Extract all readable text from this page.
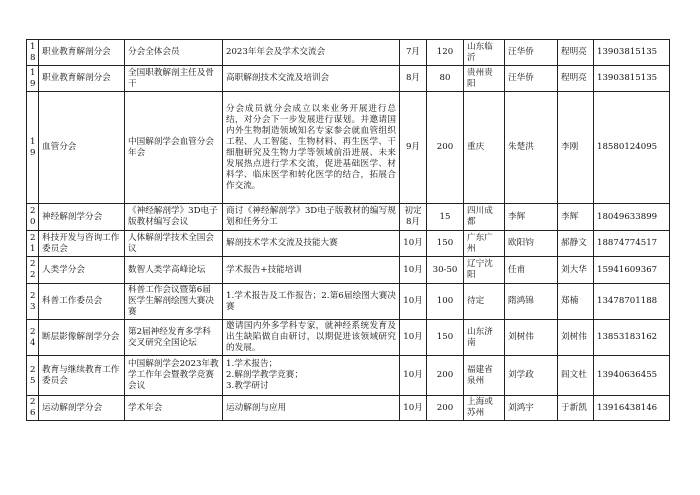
18	职业教育解剖分会	分会全体会员	2023年年会及学术交流会	7月	120	山东临沂	汪华侨	程明亮	13903815135
19	职业教育解剖分会	全国职教解剖主任及骨干	高职解剖技术交流及培训会	8月	80	贵州贵阳	汪华侨	程明亮	13903815135
19	血管分会	中国解剖学会血管分会年会	分会成员就分会成立以来业务开展进行总结，对分会下一步发展进行谋划。并邀请国内外生物制造领域知名专家参会就血管组织工程、人工智能、生物材料、再生医学、干细胞研究及生物力学等领域前沿进展、未来发展热点进行学术交流，促进基础医学、材料学、临床医学和转化医学的结合，拓展合作交流。	9月	200	重庆	朱楚洪	李刚	18580124095
20	神经解剖学分会	《神经解剖学》3D电子版教材编写会议	商讨《神经解剖学》3D电子版教材的编写规划和任务分工	初定8月	15	四川成都	李辉	李辉	18049633899
21	科技开发与咨询工作委员会	人体解剖学技术全国会议	解剖技术学术交流及技能大赛	10月	150	广东广州	欧阳钧	郝静文	18874774517
22	人类学分会	数智人类学高峰论坛	学术报告+技能培训	10月	30-50	辽宁沈阳	任甫	刘大华	15941609367
23	科普工作委员会	科普工作会议暨第6届医学生解剖绘图大赛决赛	1.学术报告及工作报告；2.第6届绘图大赛决赛	10月	100	待定	隋鸿锦	郑楠	13478701188
24	断层影像解剖学分会	第2届神经发育多学科交叉研究全国论坛	邀请国内外多学科专家，就神经系统发育及出生缺陷做自由研讨，以期促进该领域研究的发展。	10月	150	山东济南	刘树伟	刘树伟	13853183162
25	教育与继续教育工作委员会	中国解剖学会2023年教学工作年会暨教学竞赛会议	1.学术报告；
2.解剖学教学竞赛；
3.教学研讨	10月	200	福建省泉州	刘学政	闾文杜	13940636455
26	运动解剖学分会	学术年会	运动解剖与应用	10月	200	上海或苏州	刘鸿宇	于新凯	13916438146
